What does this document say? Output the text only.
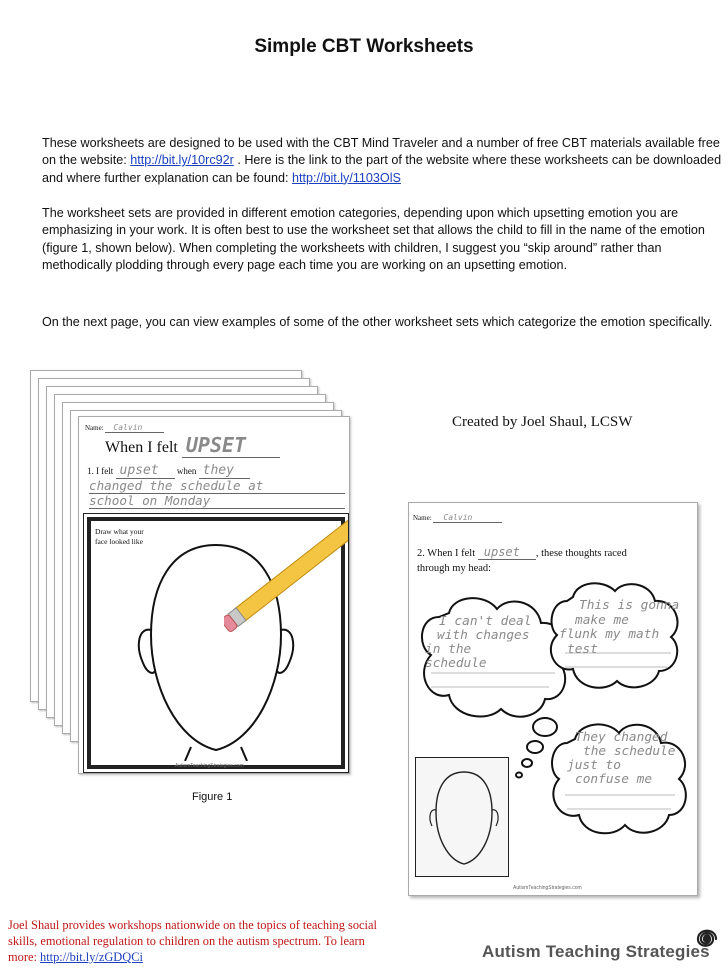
Simple CBT Worksheets
These worksheets are designed to be used with the CBT Mind Traveler and a number of free CBT materials available free on the website: http://bit.ly/10rc92r . Here is the link to the part of the website where these worksheets can be downloaded and where further explanation can be found: http://bit.ly/1103OlS
The worksheet sets are provided in different emotion categories, depending upon which upsetting emotion you are emphasizing in your work. It is often best to use the worksheet set that allows the child to fill in the name of the emotion (figure 1, shown below). When completing the worksheets with children, I suggest you “skip around” rather than methodically plodding through every page each time you are working on an upsetting emotion.
On the next page, you can view examples of some of the other worksheet sets which categorize the emotion specifically.
Name: Calvin
When I felt UPSET
1. I felt upset when they
changed the schedule at
school on Monday
Draw what your face looked like
AutismTeachingStrategies.com
Figure 1
Created by Joel Shaul, LCSW
Name: Calvin
2. When I felt upset , these thoughts raced
through my head:
I can't deal
with changes
in the
schedule
This is gonna
make me
flunk my math
test
They changed
the schedule
just to
confuse me
AutismTeachingStrategies.com
Joel Shaul provides workshops nationwide on the topics of teaching social skills, emotional regulation to children on the autism spectrum. To learn more: http://bit.ly/zGDQCi	Autism Teaching Strategies
